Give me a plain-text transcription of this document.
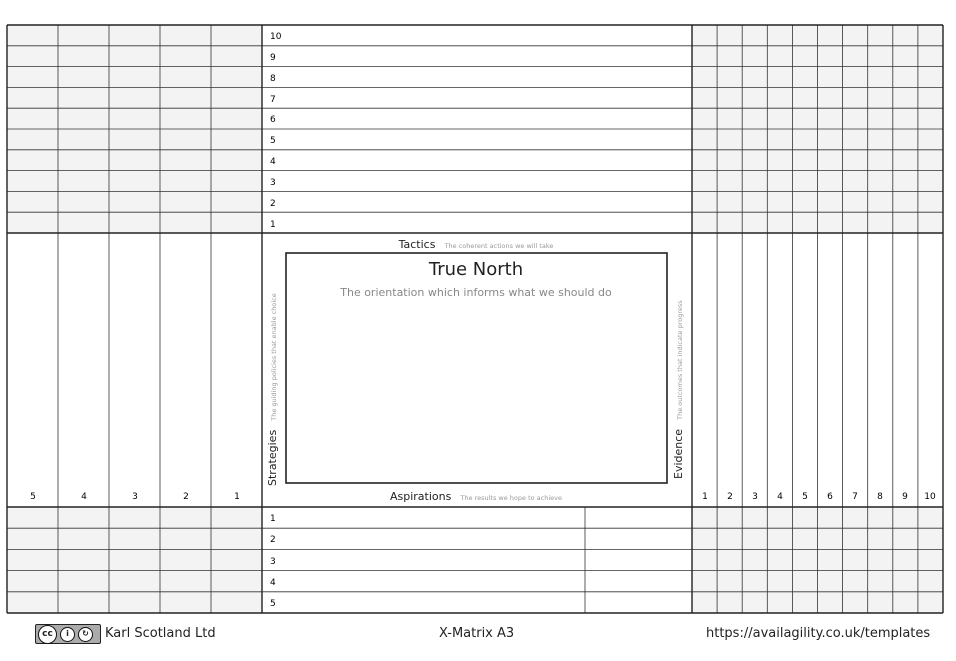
10
9
8
7
6
5
4
3
2
1
1
2
3
4
5
5	4	3	2	1	1 2 3 4 5 6 7 8 9 10
Tactics The coherent actions we will take
Aspirations The results we hope to achieve
Strategies The guiding policies that enable choice
Evidence The outcomes that indicate progress
True North
The orientation which informs what we should do
cc	i	↻	Karl Scotland Ltd	X-Matrix A3	https://availagility.co.uk/templates
